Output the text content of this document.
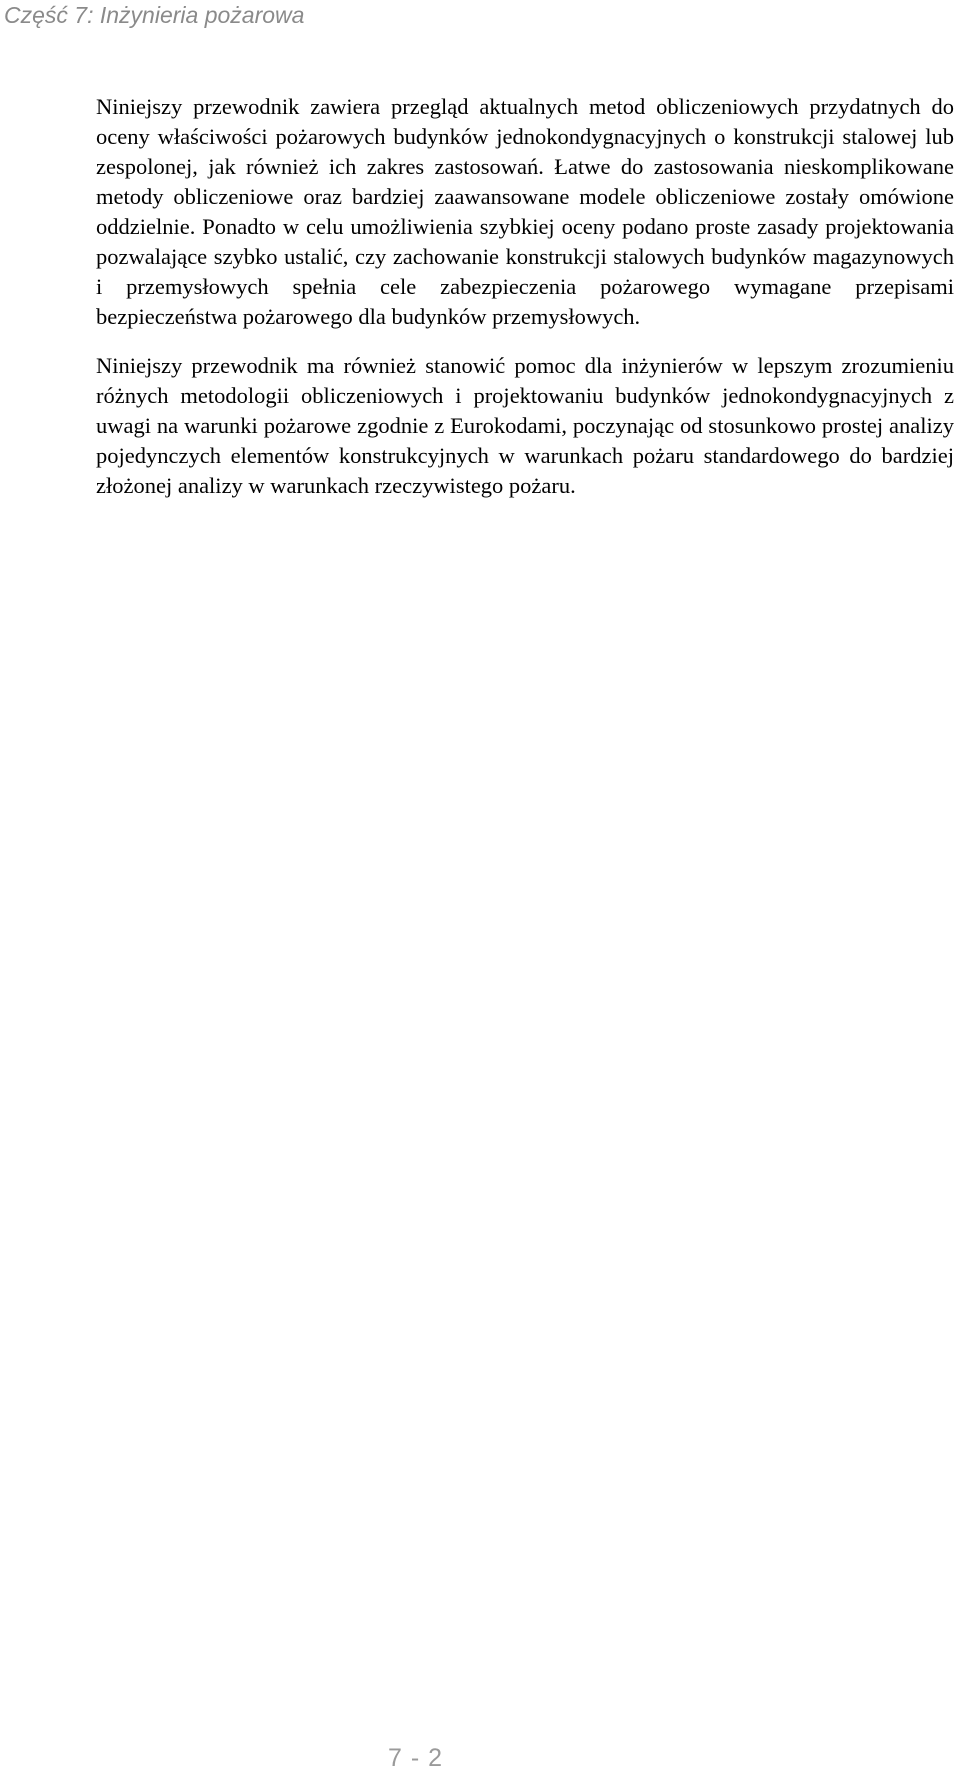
Część 7: Inżynieria pożarowa

Niniejszy przewodnik zawiera przegląd aktualnych metod obliczeniowych przydatnych do oceny właściwości pożarowych budynków jednokondygnacyjnych o konstrukcji stalowej lub zespolonej, jak również ich zakres zastosowań. Łatwe do zastosowania nieskomplikowane metody obliczeniowe oraz bardziej zaawansowane modele obliczeniowe zostały omówione oddzielnie. Ponadto w celu umożliwienia szybkiej oceny podano proste zasady projektowania pozwalające szybko ustalić, czy zachowanie konstrukcji stalowych budynków magazynowych i przemysłowych spełnia cele zabezpieczenia pożarowego wymagane przepisami bezpieczeństwa pożarowego dla budynków przemysłowych.

Niniejszy przewodnik ma również stanowić pomoc dla inżynierów w lepszym zrozumieniu różnych metodologii obliczeniowych i projektowaniu budynków jednokondygnacyjnych z uwagi na warunki pożarowe zgodnie z Eurokodami, poczynając od stosunkowo prostej analizy pojedynczych elementów konstrukcyjnych w warunkach pożaru standardowego do bardziej złożonej analizy w warunkach rzeczywistego pożaru.

7 - 2
